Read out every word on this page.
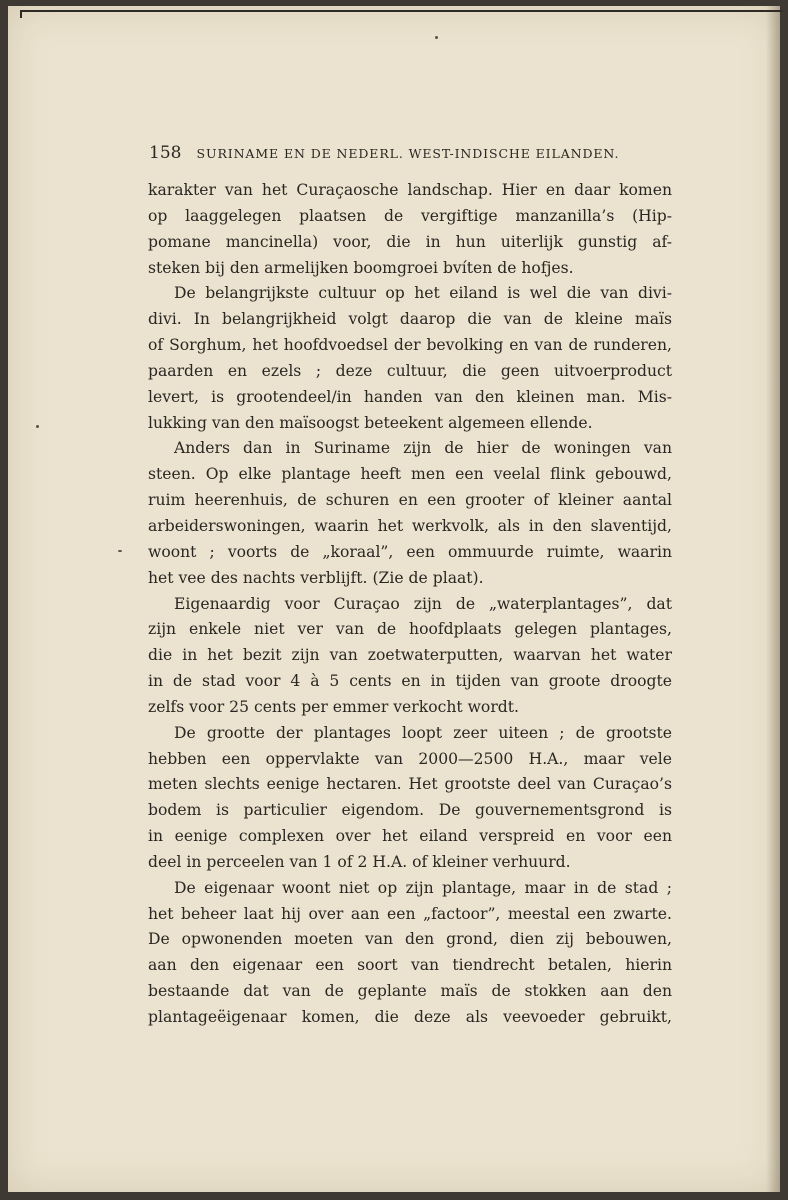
158 SURINAME EN DE NEDERL. WEST-INDISCHE EILANDEN.
karakter van het Curaçaosche landschap. Hier en daar komen
op laaggelegen plaatsen de vergiftige manzanilla’s (Hip-
pomane mancinella) voor, die in hun uiterlijk gunstig af-
steken bij den armelijken boomgroei bvíten de hofjes.
De belangrijkste cultuur op het eiland is wel die van divi-
divi. In belangrijkheid volgt daarop die van de kleine maïs
of Sorghum, het hoofdvoedsel der bevolking en van de runderen,
paarden en ezels ; deze cultuur, die geen uitvoerproduct
levert, is grootendeel/in handen van den kleinen man. Mis-
lukking van den maïsoogst beteekent algemeen ellende.
Anders dan in Suriname zijn de hier de woningen van
steen. Op elke plantage heeft men een veelal flink gebouwd,
ruim heerenhuis, de schuren en een grooter of kleiner aantal
arbeiderswoningen, waarin het werkvolk, als in den slaventijd,
woont ; voorts de „koraal”, een ommuurde ruimte, waarin
het vee des nachts verblijft. (Zie de plaat).
Eigenaardig voor Curaçao zijn de „waterplantages”, dat
zijn enkele niet ver van de hoofdplaats gelegen plantages,
die in het bezit zijn van zoetwaterputten, waarvan het water
in de stad voor 4 à 5 cents en in tijden van groote droogte
zelfs voor 25 cents per emmer verkocht wordt.
De grootte der plantages loopt zeer uiteen ; de grootste
hebben een oppervlakte van 2000—2500 H.A., maar vele
meten slechts eenige hectaren. Het grootste deel van Curaçao’s
bodem is particulier eigendom. De gouvernementsgrond is
in eenige complexen over het eiland verspreid en voor een
deel in perceelen van 1 of 2 H.A. of kleiner verhuurd.
De eigenaar woont niet op zijn plantage, maar in de stad ;
het beheer laat hij over aan een „factoor”, meestal een zwarte.
De opwonenden moeten van den grond, dien zij bebouwen,
aan den eigenaar een soort van tiendrecht betalen, hierin
bestaande dat van de geplante maïs de stokken aan den
plantageëigenaar komen, die deze als veevoeder gebruikt,
